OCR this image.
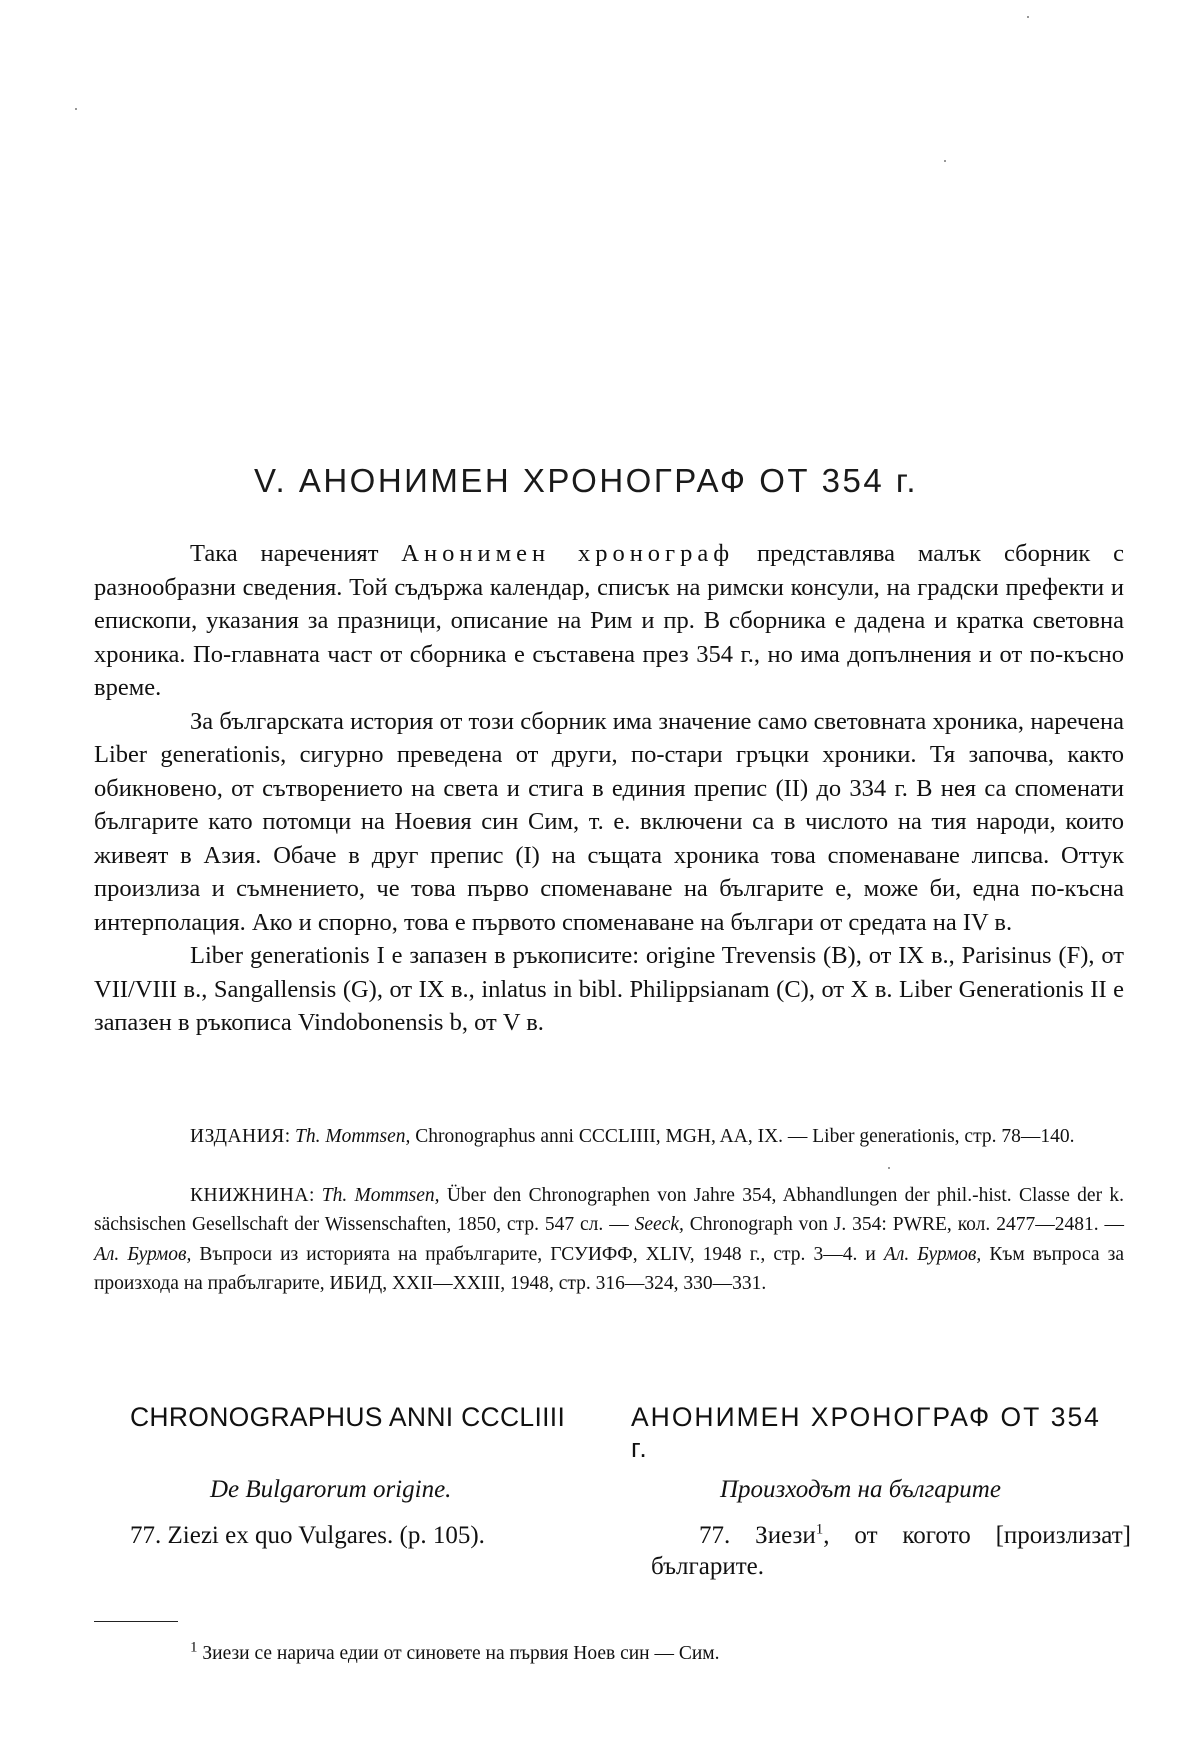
V. АНОНИМЕН ХРОНОГРАФ ОТ 354 г.

Така нареченият Анонимен хронограф представлява малък сборник с разнообразни сведения. Той съдържа календар, списък на римски консули, на градски префекти и епископи, указания за празници, описание на Рим и пр. В сборника е дадена и кратка световна хроника. По-главната част от сборника е съставена през 354 г., но има допълнения и от по-късно време.

За българската история от този сборник има значение само световната хроника, наречена Liber generationis, сигурно преведена от други, по-стари гръцки хроники. Тя започва, както обикновено, от сътворението на света и стига в единия препис (II) до 334 г. В нея са споменати българите като потомци на Ноевия син Сим, т. е. включени са в числото на тия народи, които живеят в Азия. Обаче в друг препис (I) на същата хроника това споменаване липсва. Оттук произлиза и съмнението, че това първо споменаване на българите е, може би, една по-късна интерполация. Ако и спорно, това е първото споменаване на българи от средата на IV в.

Liber generationis I е запазен в ръкописите: origine Trevensis (B), от IX в., Parisinus (F), от VII/VIII в., Sangallensis (G), от IX в., inlatus in bibl. Philippsianam (C), от X в. Liber Generationis II е запазен в ръкописа Vindobonensis b, от V в.

ИЗДАНИЯ: Th. Mommsen, Chronographus anni CCCLIIII, MGH, AA, IX. — Liber generationis, стр. 78—140.

КНИЖНИНА: Th. Mommsen, Über den Chronographen von Jahre 354, Abhandlungen der phil.-hist. Classe der k. sächsischen Gesellschaft der Wissenschaften, 1850, стр. 547 сл. — Seeck, Chronograph von J. 354: PWRE, кол. 2477—2481. — Ал. Бурмов, Въпроси из историята на прабългарите, ГСУИФФ, XLIV, 1948 г., стр. 3—4. и Ал. Бурмов, Към въпроса за произхода на прабългарите, ИБИД, XXII—XXIII, 1948, стр. 316—324, 330—331.

CHRONOGRAPHUS ANNI CCCLIIII АНОНИМЕН ХРОНОГРАФ ОТ 354 г.
De Bulgarorum origine.	Произходът на българите
77. Ziezi ex quo Vulgares. (p. 105).	77. Зиези$^1$, от когото [произлизат] българите.
$^1$ Зиези се нарича едии от синовете на първия Ноев син — Сим.
